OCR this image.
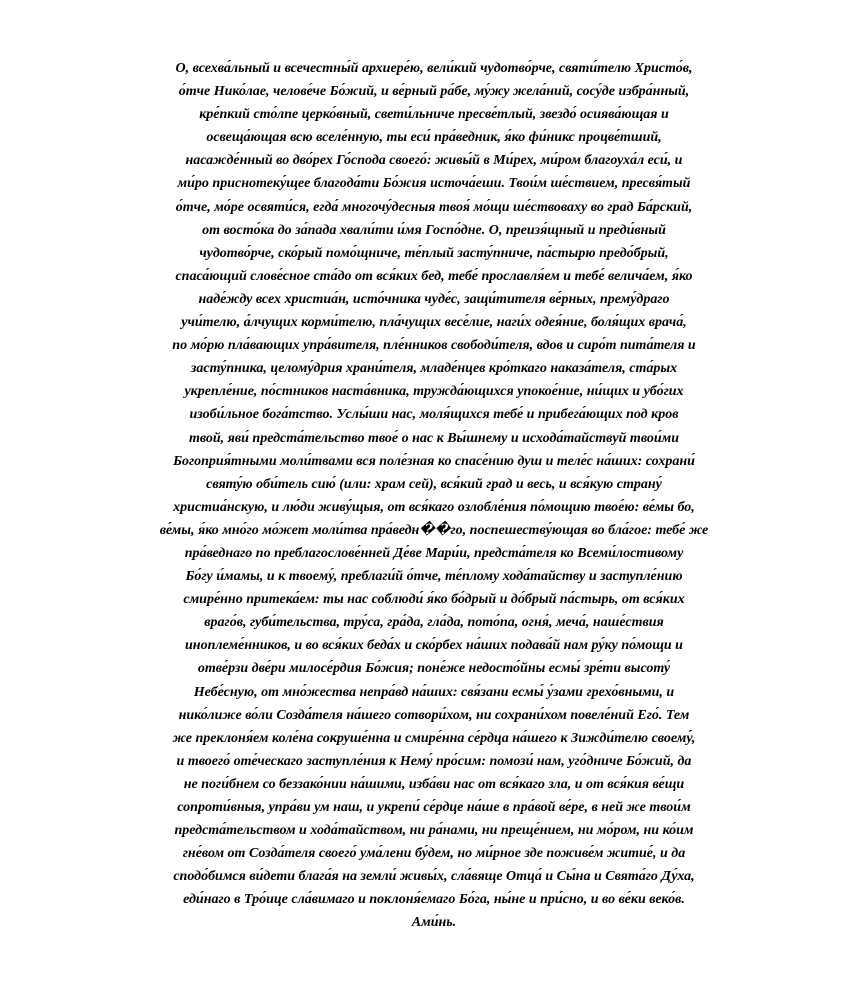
О, всехва́льный и всечестны́й архиере́ю, вели́кий чудотво́рче, святи́телю Христо́в,
о́тче Нико́лае, челове́че Бо́жий, и ве́рный ра́бе, му́жу жела́ний, сосу́де избра́нный,
кре́пкий сто́лпе церко́вный, свети́льниче пресве́тлый, звездо́ осиява́ющая и
освеща́ющая всю вселе́нную, ты еси́ пра́ведник, я́ко фи́никс процве́тший,
насажде́нный во дво́рех Го́спода своего́: живы́й в Ми́рех, ми́ром благоуха́л еси́, и
ми́ро приснотеку́щее благода́ти Бо́жия источа́еши. Твои́м ше́ствием, пресвя́тый
о́тче, мо́ре освяти́ся, егда́ многочу́десныя твоя́ мо́щи ше́ствоваху во град Ба́рский,
от восто́ка до за́пада хвали́ти и́мя Госпо́дне. О, преизя́щный и преди́вный
чудотво́рче, ско́рый помо́щниче, те́плый засту́пниче, па́стырю предо́брый,
спаса́ющий слове́сное ста́до от вся́ких бед, тебе́ прославля́ем и тебе́ велича́ем, я́ко
наде́жду всех христиа́н, исто́чника чуде́с, защи́тителя ве́рных, прему́драго
учи́телю, а́лчущих корми́телю, пла́чущих весе́лие, наги́х одея́ние, боля́щих врача́,
по мо́рю пла́вающих упра́вителя, пле́нников свободи́теля, вдов и сиро́т пита́теля и
засту́пника, целому́дрия храни́теля, младе́нцев кро́ткаго наказа́теля, ста́рых
укрепле́ние, по́стников наста́вника, тружда́ющихся упокое́ние, ни́щих и убо́гих
изоби́льное бога́тство. Услы́ши нас, моля́щихся тебе́ и прибега́ющих под кров
твой, яви́ предста́тельство твое́ о нас к Вы́шнему и исхода́тайствуй твои́ми
Богоприя́тными моли́твами вся поле́зная ко спасе́нию душ и теле́с на́ших: сохрани́
святу́ю оби́тель сию́ (или: храм сей), вся́кий град и весь, и вся́кую страну́
христиа́нскую, и лю́ди живу́щыя, от вся́каго озлобле́ния по́мощию твое́ю: ве́мы бо,
ве́мы, я́ко мно́го мо́жет моли́тва пра́ведн��го, поспешеству́ющая во бла́гое: тебе́ же
пра́веднаго по преблагослове́нней Де́ве Мари́и, предста́теля ко Всеми́лостивому
Бо́гу и́мамы, и к твоему́, преблаги́й о́тче, те́плому хода́тайству и заступле́нию
смире́нно притека́ем: ты нас соблюди́ я́ко бо́дрый и до́брый па́стырь, от вся́ких
враго́в, губи́тельства, тру́са, гра́да, гла́да, пото́па, огня́, меча́, наше́ствия
иноплеме́нников, и во вся́ких беда́х и ско́рбех на́ших подава́й нам ру́ку по́мощи и
отве́рзи две́ри милосе́рдия Бо́жия; поне́же недосто́йны есмы́ зре́ти высоту́
Небе́сную, от мно́жества непра́вд на́ших: свя́зани есмы́ у́зами грехо́вными, и
нико́лиже во́ли Созда́теля на́шего сотвори́хом, ни сохрани́хом повеле́ний Его́. Тем
же преклоня́ем коле́на сокруше́нна и смире́нна се́рдца на́шего к Зижди́телю своему́,
и твоего́ оте́ческаго заступле́ния к Нему́ про́сим: помози́ нам, уго́дниче Бо́жий, да
не поги́бнем со беззако́нии на́шими, изба́ви нас от вся́каго зла, и от вся́кия ве́щи
сопроти́вныя, упра́ви ум наш, и укрепи́ се́рдце на́ше в пра́вой ве́ре, в ней же твои́м
предста́тельством и хода́тайством, ни ра́нами, ни преще́нием, ни мо́ром, ни ко́им
гне́вом от Созда́теля своего́ ума́лени бу́дем, но ми́рное зде поживе́м житие́, и да
сподо́бимся ви́дети блага́я на земли́ живы́х, сла́вяще Отца́ и Сы́на и Свята́го Ду́ха,
еди́наго в Тро́ице сла́вимаго и поклоня́емаго Бо́га, ны́не и при́сно, и во ве́ки веко́в.
Ами́нь.
